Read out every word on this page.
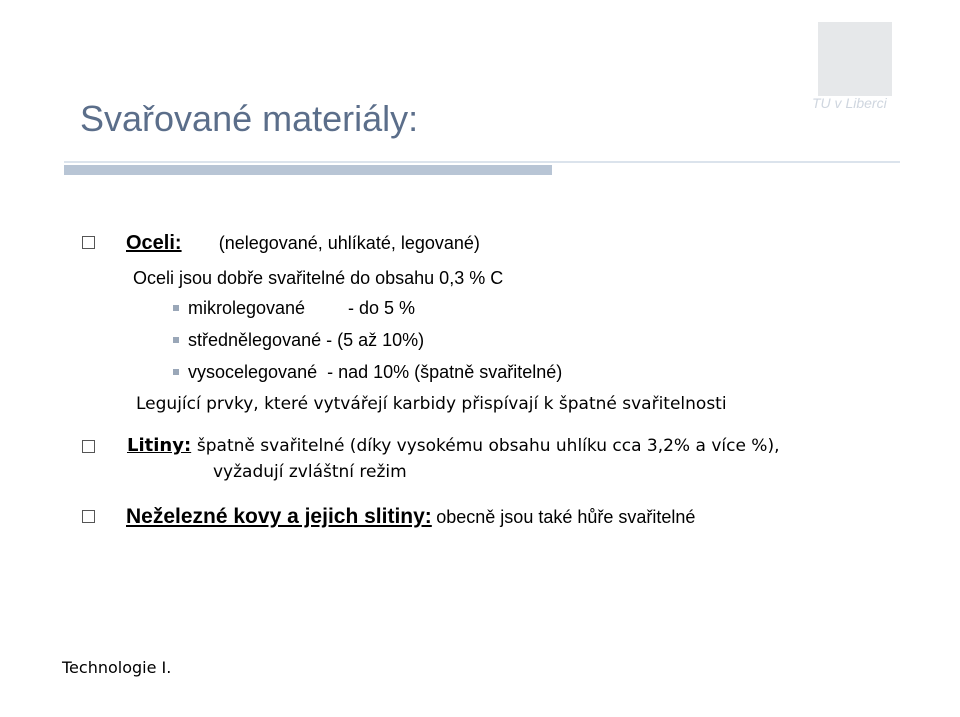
TU v Liberci
Svařované materiály:
Oceli: (nelegované, uhlíkaté, legované)
Oceli jsou dobře svařitelné do obsahu 0,3 % C
mikrolegované - do 5 %
střednělegované - (5 až 10%)
vysocelegované - nad 10% (špatně svařitelné)
Legující prvky, které vytvářejí karbidy přispívají k špatné svařitelnosti
Litiny: špatně svařitelné (díky vysokému obsahu uhlíku cca 3,2% a více %),
vyžadují zvláštní režim
Neželezné kovy a jejich slitiny: obecně jsou také hůře svařitelné
Technologie I.
